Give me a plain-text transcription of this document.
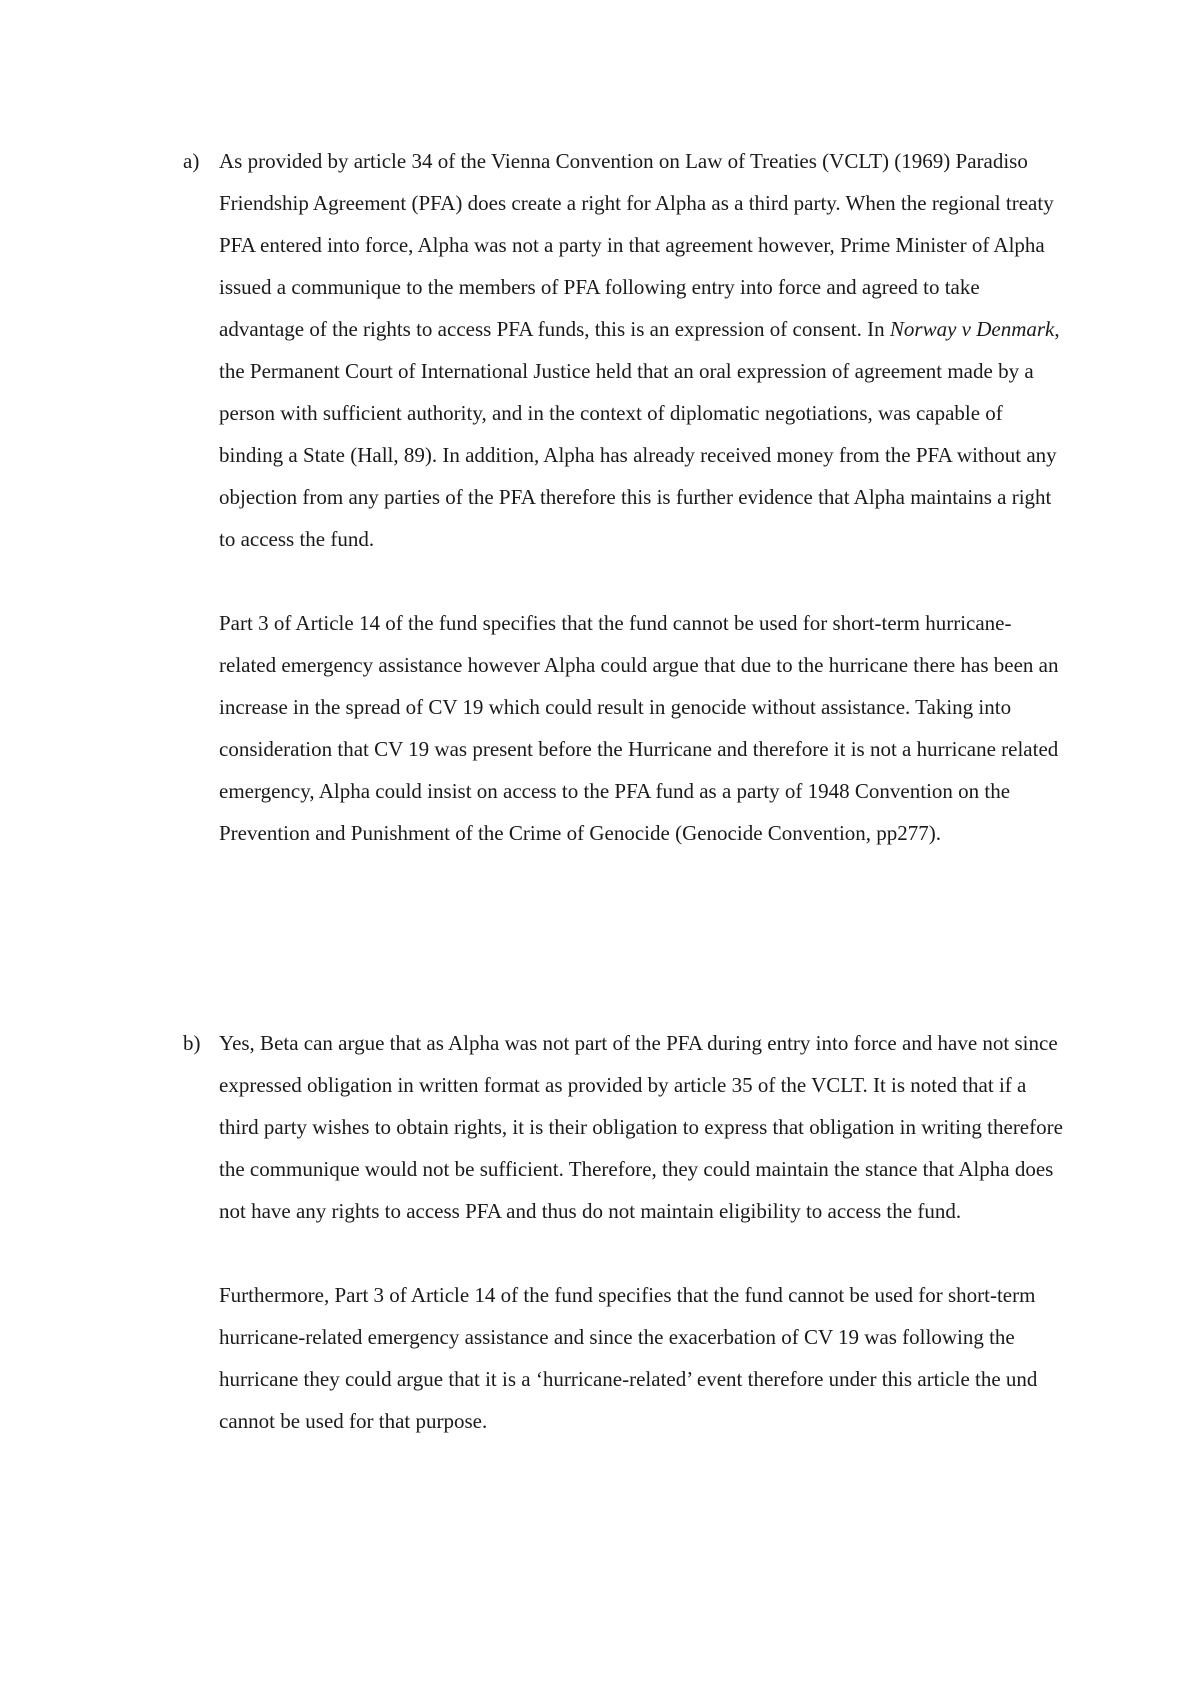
a) As provided by article 34 of the Vienna Convention on Law of Treaties (VCLT) (1969) Paradiso Friendship Agreement (PFA) does create a right for Alpha as a third party. When the regional treaty PFA entered into force, Alpha was not a party in that agreement however, Prime Minister of Alpha issued a communique to the members of PFA following entry into force and agreed to take advantage of the rights to access PFA funds, this is an expression of consent. In Norway v Denmark, the Permanent Court of International Justice held that an oral expression of agreement made by a person with sufficient authority, and in the context of diplomatic negotiations, was capable of binding a State (Hall, 89). In addition, Alpha has already received money from the PFA without any objection from any parties of the PFA therefore this is further evidence that Alpha maintains a right to access the fund.

Part 3 of Article 14 of the fund specifies that the fund cannot be used for short-term hurricane-related emergency assistance however Alpha could argue that due to the hurricane there has been an increase in the spread of CV 19 which could result in genocide without assistance. Taking into consideration that CV 19 was present before the Hurricane and therefore it is not a hurricane related emergency, Alpha could insist on access to the PFA fund as a party of 1948 Convention on the Prevention and Punishment of the Crime of Genocide (Genocide Convention, pp277).

b) Yes, Beta can argue that as Alpha was not part of the PFA during entry into force and have not since expressed obligation in written format as provided by article 35 of the VCLT. It is noted that if a third party wishes to obtain rights, it is their obligation to express that obligation in writing therefore the communique would not be sufficient. Therefore, they could maintain the stance that Alpha does not have any rights to access PFA and thus do not maintain eligibility to access the fund.

Furthermore, Part 3 of Article 14 of the fund specifies that the fund cannot be used for short-term hurricane-related emergency assistance and since the exacerbation of CV 19 was following the hurricane they could argue that it is a ‘hurricane-related’ event therefore under this article the und cannot be used for that purpose.
